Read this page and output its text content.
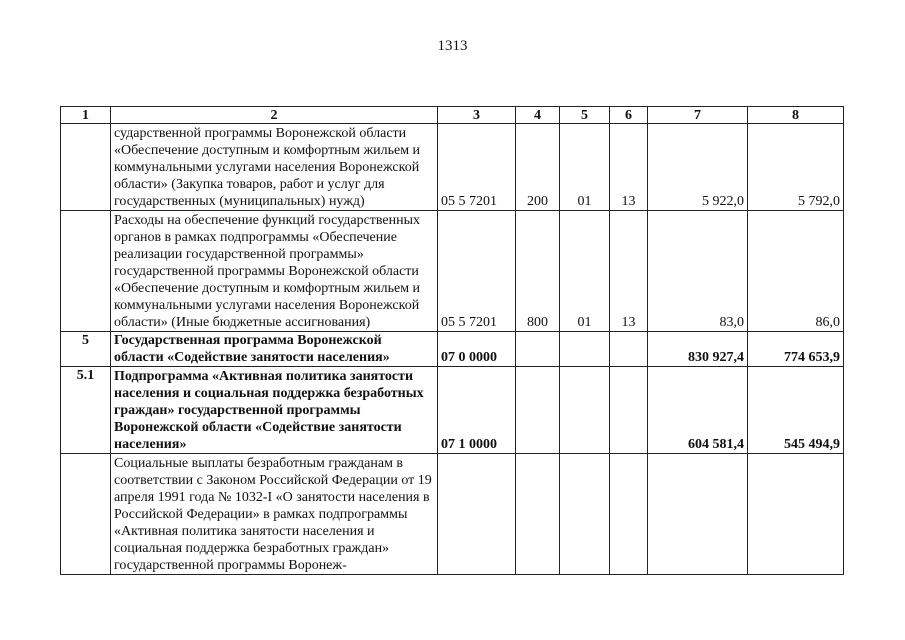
1313
1	2	3	4	5	6	7	8
	сударственной программы Воронежской области «Обеспечение доступным и комфортным жильем и коммунальными услугами населения Воронежской области» (Закупка товаров, работ и услуг для государственных (муниципальных) нужд)	05 5 7201	200	01	13	5 922,0	5 792,0
	Расходы на обеспечение функций государственных органов в рамках подпрограммы «Обеспечение реализации государственной программы» государственной программы Воронежской области «Обеспечение доступным и комфортным жильем и коммунальными услугами населения Воронежской области» (Иные бюджетные ассигнования)	05 5 7201	800	01	13	83,0	86,0
5	Государственная программа Воронежской области «Содействие занятости населения»	07 0 0000				830 927,4	774 653,9
5.1	Подпрограмма «Активная политика занятости населения и социальная поддержка безработных граждан» государственной программы Воронежской области «Содействие занятости населения»	07 1 0000				604 581,4	545 494,9
	Социальные выплаты безработным гражданам в соответствии с Законом Российской Федерации от 19 апреля 1991 года № 1032-I «О занятости населения в Российской Федерации» в рамках подпрограммы «Активная политика занятости населения и социальная поддержка безработных граждан» государственной программы Воронеж-						
